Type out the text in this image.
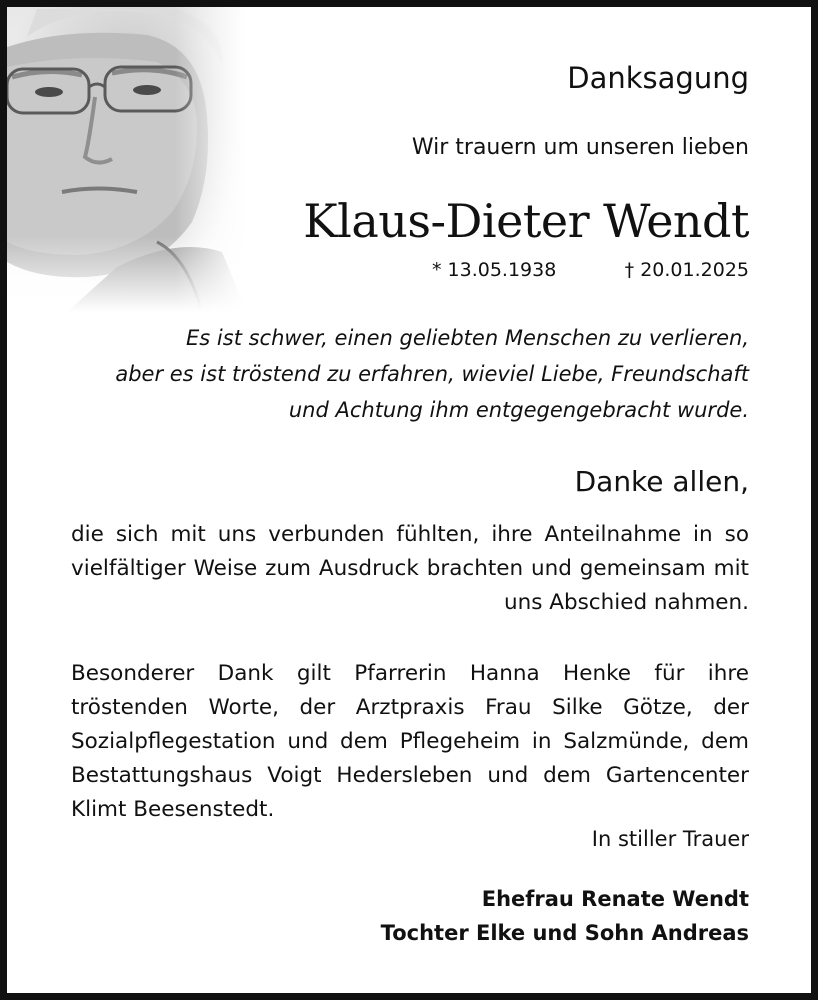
Danksagung
Wir trauern um unseren lieben
Klaus-Dieter Wendt
* 13.05.1938	† 20.01.2025
Es ist schwer, einen geliebten Menschen zu verlieren,
aber es ist tröstend zu erfahren, wieviel Liebe, Freundschaft
und Achtung ihm entgegengebracht wurde.
Danke allen,
die sich mit uns verbunden fühlten, ihre Anteilnahme in so vielfältiger Weise zum Ausdruck brachten und gemeinsam mit uns Abschied nahmen.
Besonderer Dank gilt Pfarrerin Hanna Henke für ihre tröstenden Worte, der Arztpraxis Frau Silke Götze, der Sozialpflegestation und dem Pflegeheim in Salzmünde, dem Bestattungshaus Voigt Hedersleben und dem Gartencenter Klimt Beesenstedt.
In stiller Trauer
Ehefrau Renate Wendt
Tochter Elke und Sohn Andreas
